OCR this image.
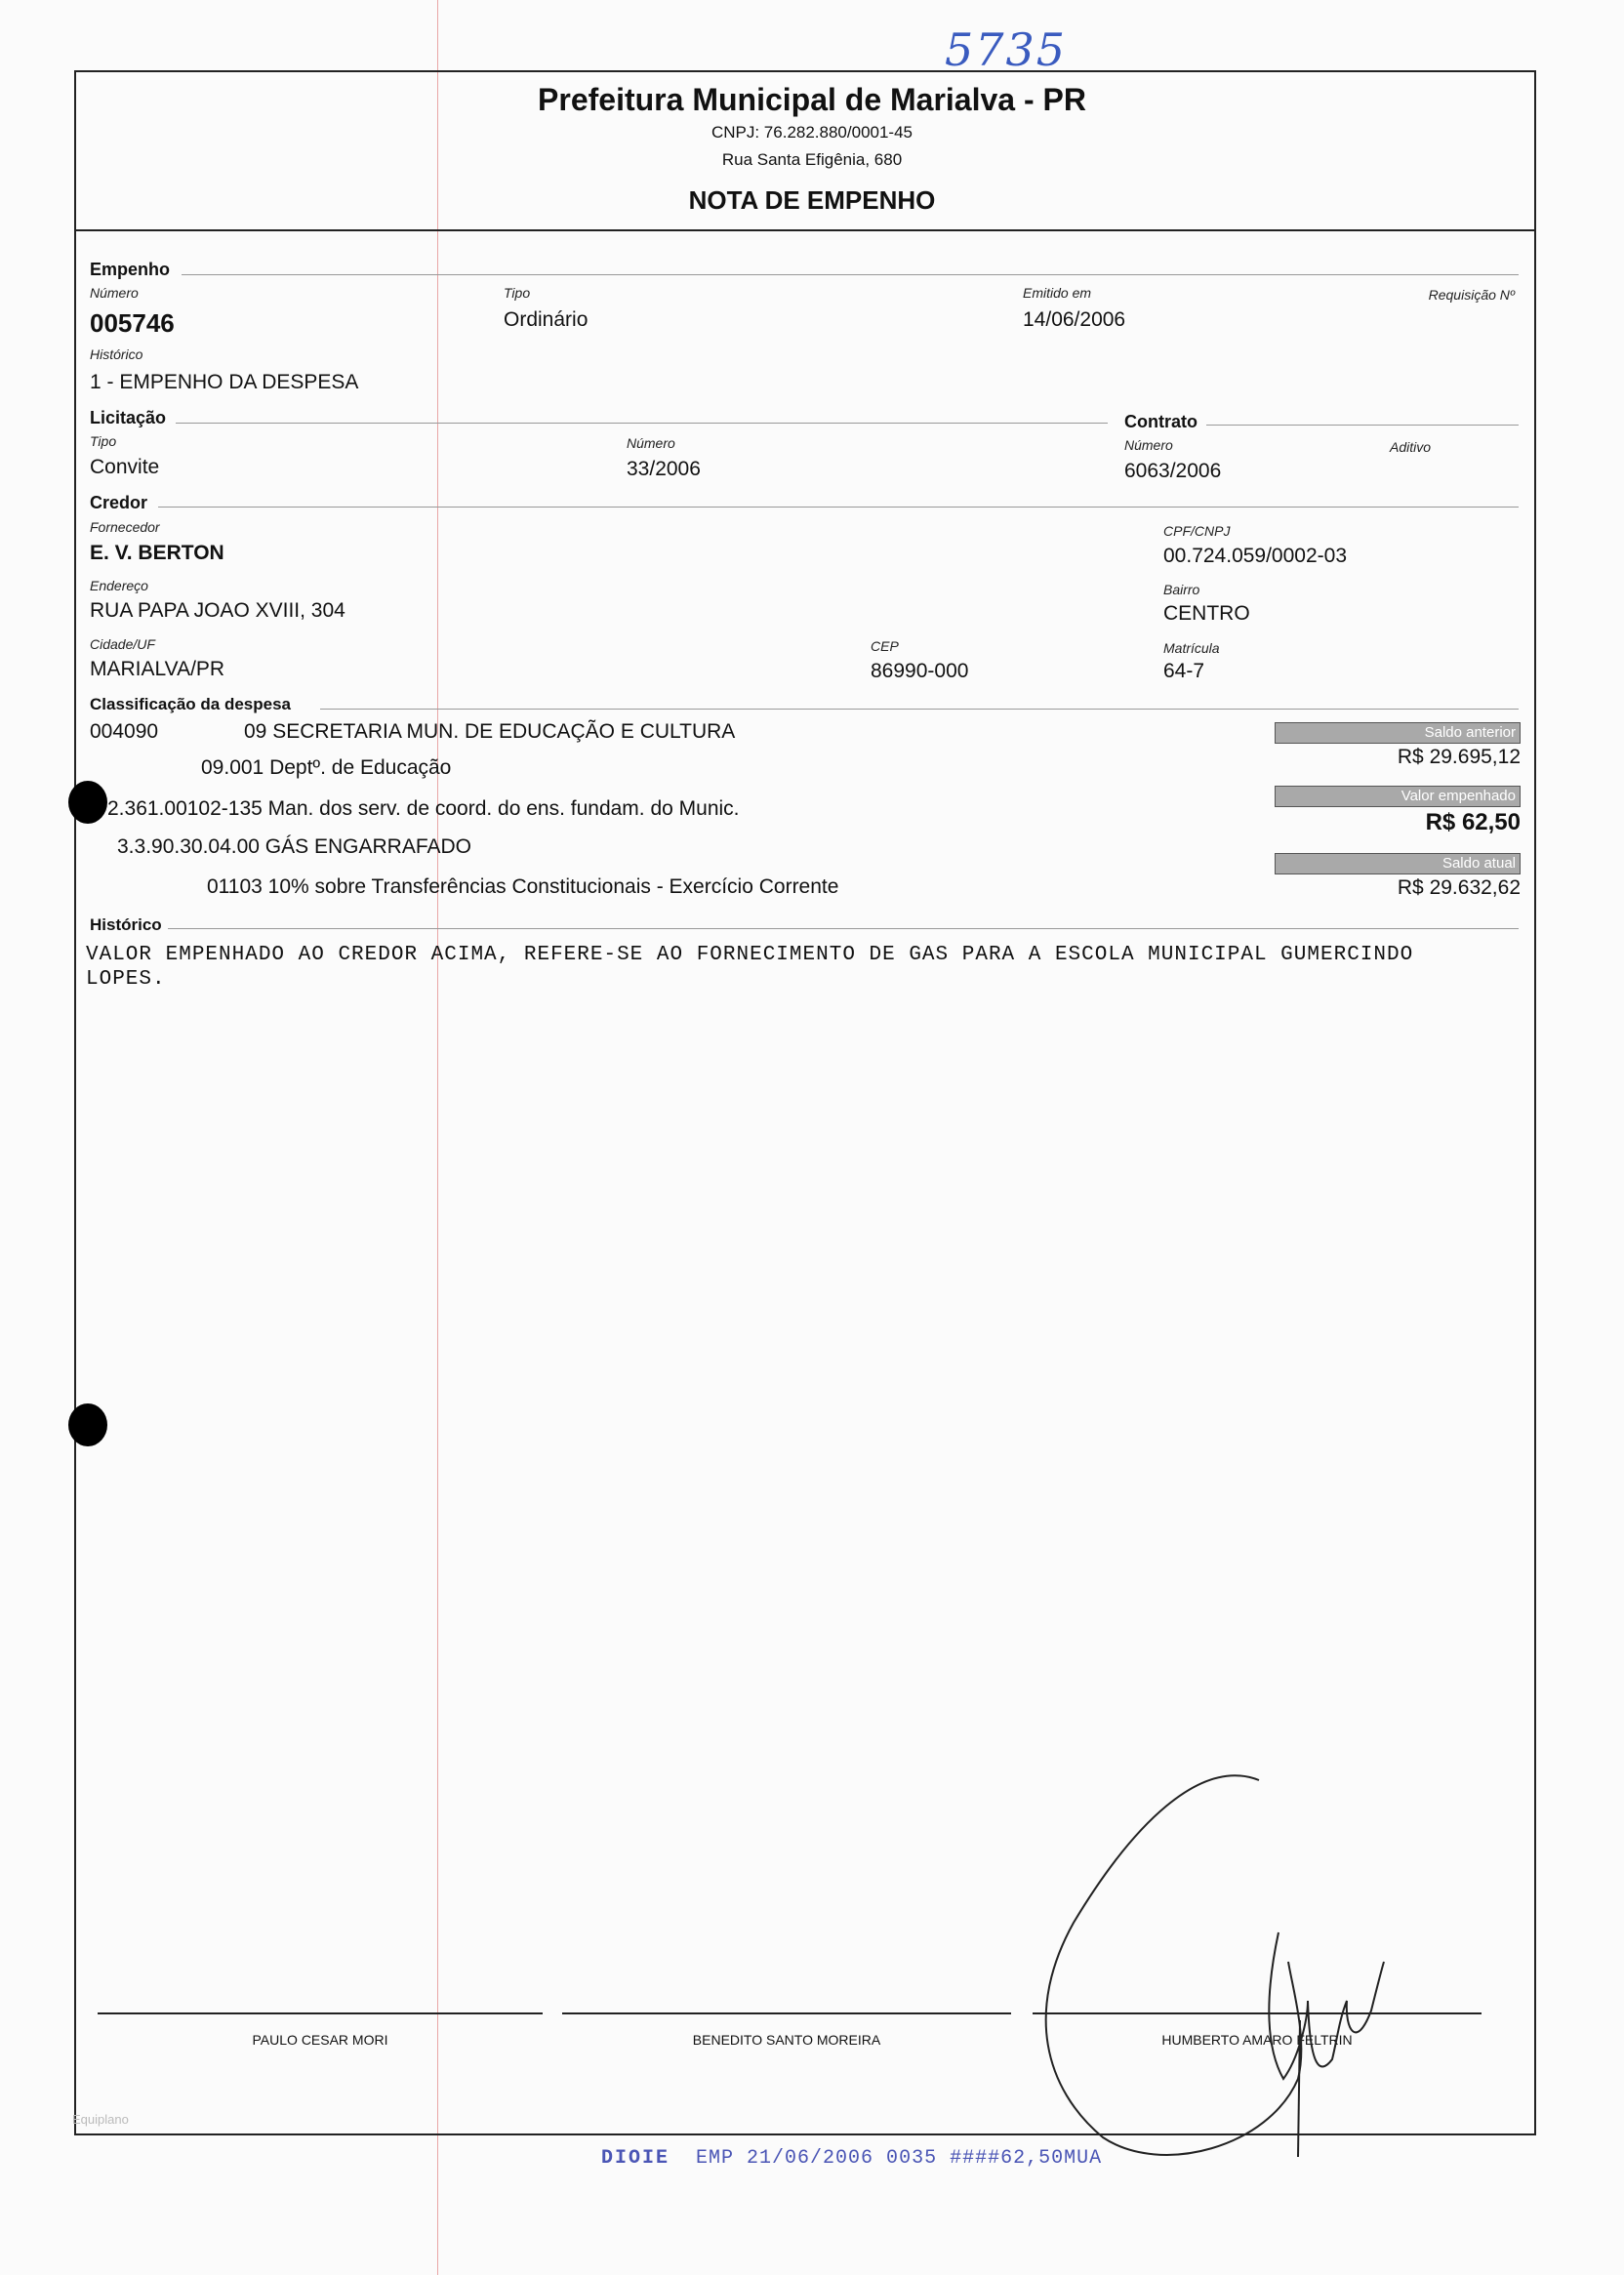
5735
Prefeitura Municipal de Marialva - PR
CNPJ: 76.282.880/0001-45
Rua Santa Efigênia, 680
NOTA DE EMPENHO
Empenho
Número
005746
Tipo
Ordinário
Emitido em
14/06/2006
Requisição Nº
Histórico
1 - EMPENHO DA DESPESA
Licitação
Tipo
Convite
Número
33/2006
Contrato
Número
6063/2006
Aditivo
Credor
Fornecedor
E. V. BERTON
CPF/CNPJ
00.724.059/0002-03
Endereço
RUA PAPA JOAO XVIII, 304
Bairro
CENTRO
Cidade/UF
MARIALVA/PR
CEP
86990-000
Matrícula
64-7
Classificação da despesa
004090	09 SECRETARIA MUN. DE EDUCAÇÃO E CULTURA
09.001 Deptº. de Educação
2.361.00102-135 Man. dos serv. de coord. do ens. fundam. do Munic.
3.3.90.30.04.00 GÁS ENGARRAFADO
01103 10% sobre Transferências Constitucionais - Exercício Corrente
Saldo anterior
R$ 29.695,12
Valor empenhado
R$ 62,50
Saldo atual
R$ 29.632,62
Histórico
VALOR EMPENHADO AO CREDOR ACIMA, REFERE-SE AO FORNECIMENTO DE GAS PARA A ESCOLA MUNICIPAL GUMERCINDO
LOPES.
PAULO CESAR MORI	BENEDITO SANTO MOREIRA	HUMBERTO AMARO FELTRIN
Equiplano
DIOIE EMP 21/06/2006 0035 ####62,50MUA
